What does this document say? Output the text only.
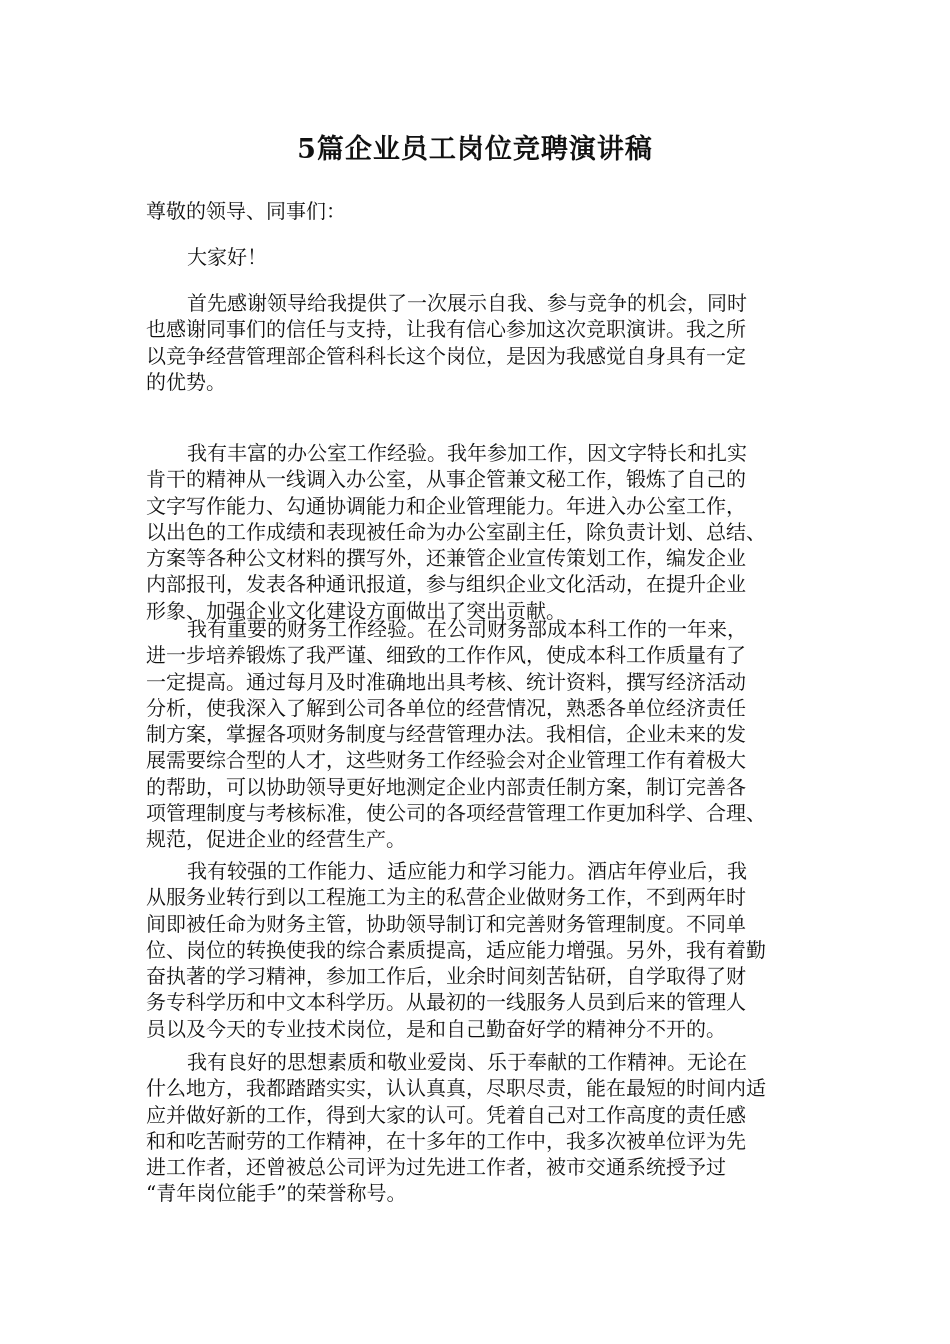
5篇企业员工岗位竞聘演讲稿

尊敬的领导、同事们：

大家好！

首先感谢领导给我提供了一次展示自我、参与竞争的机会，同时
也感谢同事们的信任与支持，让我有信心参加这次竞职演讲。我之所
以竞争经营管理部企管科科长这个岗位，是因为我感觉自身具有一定
的优势。
我有丰富的办公室工作经验。我年参加工作，因文字特长和扎实
肯干的精神从一线调入办公室，从事企管兼文秘工作，锻炼了自己的
文字写作能力、勾通协调能力和企业管理能力。年进入办公室工作，
以出色的工作成绩和表现被任命为办公室副主任，除负责计划、总结、
方案等各种公文材料的撰写外，还兼管企业宣传策划工作，编发企业
内部报刊，发表各种通讯报道，参与组织企业文化活动，在提升企业
形象、加强企业文化建设方面做出了突出贡献。
我有重要的财务工作经验。在公司财务部成本科工作的一年来，
进一步培养锻炼了我严谨、细致的工作作风，使成本科工作质量有了
一定提高。通过每月及时准确地出具考核、统计资料，撰写经济活动
分析，使我深入了解到公司各单位的经营情况，熟悉各单位经济责任
制方案，掌握各项财务制度与经营管理办法。我相信，企业未来的发
展需要综合型的人才，这些财务工作经验会对企业管理工作有着极大
的帮助，可以协助领导更好地测定企业内部责任制方案，制订完善各
项管理制度与考核标准，使公司的各项经营管理工作更加科学、合理、
规范，促进企业的经营生产。
我有较强的工作能力、适应能力和学习能力。酒店年停业后，我
从服务业转行到以工程施工为主的私营企业做财务工作，不到两年时
间即被任命为财务主管，协助领导制订和完善财务管理制度。不同单
位、岗位的转换使我的综合素质提高，适应能力增强。另外，我有着勤
奋执著的学习精神，参加工作后，业余时间刻苦钻研，自学取得了财
务专科学历和中文本科学历。从最初的一线服务人员到后来的管理人
员以及今天的专业技术岗位，是和自己勤奋好学的精神分不开的。
我有良好的思想素质和敬业爱岗、乐于奉献的工作精神。无论在
什么地方，我都踏踏实实，认认真真，尽职尽责，能在最短的时间内适
应并做好新的工作，得到大家的认可。凭着自己对工作高度的责任感
和和吃苦耐劳的工作精神，在十多年的工作中，我多次被单位评为先
进工作者，还曾被总公司评为过先进工作者，被市交通系统授予过
“青年岗位能手”的荣誉称号。
